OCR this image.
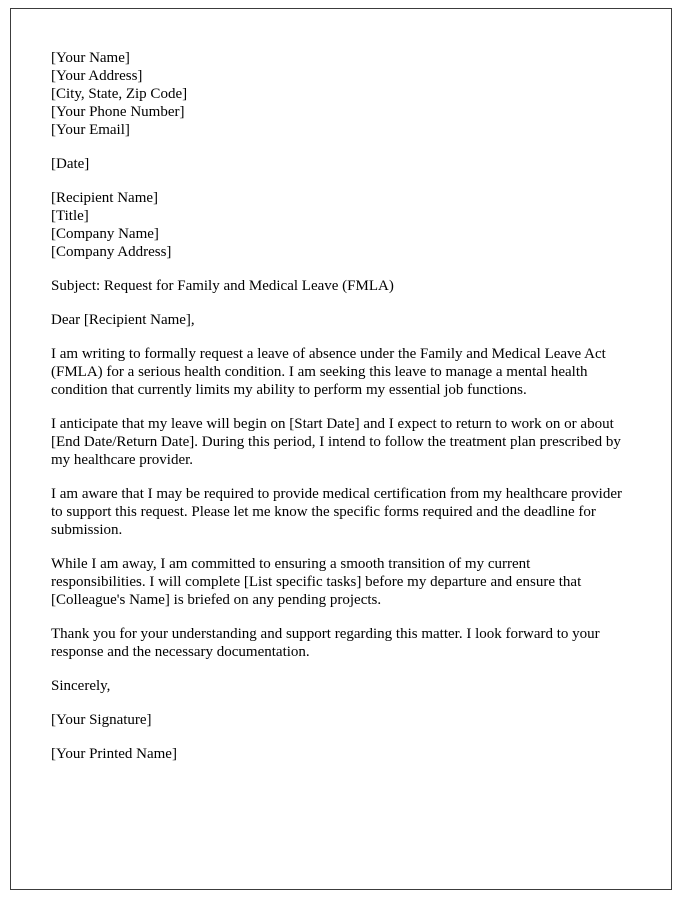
[Your Name]
[Your Address]
[City, State, Zip Code]
[Your Phone Number]
[Your Email]
[Date]
[Recipient Name]
[Title]
[Company Name]
[Company Address]
Subject: Request for Family and Medical Leave (FMLA)
Dear [Recipient Name],

I am writing to formally request a leave of absence under the Family and Medical Leave Act (FMLA) for a serious health condition. I am seeking this leave to manage a mental health condition that currently limits my ability to perform my essential job functions.

I anticipate that my leave will begin on [Start Date] and I expect to return to work on or about [End Date/Return Date]. During this period, I intend to follow the treatment plan prescribed by my healthcare provider.

I am aware that I may be required to provide medical certification from my healthcare provider to support this request. Please let me know the specific forms required and the deadline for submission.

While I am away, I am committed to ensuring a smooth transition of my current responsibilities. I will complete [List specific tasks] before my departure and ensure that [Colleague's Name] is briefed on any pending projects.

Thank you for your understanding and support regarding this matter. I look forward to your response and the necessary documentation.

Sincerely,
[Your Signature]
[Your Printed Name]
